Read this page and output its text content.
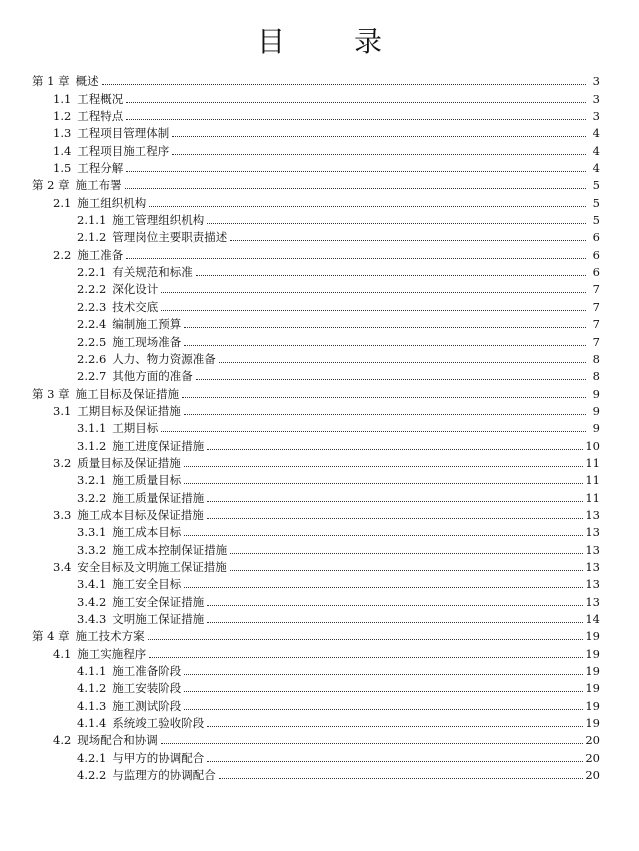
目 录
第 1 章 概述	3
1.1 工程概况	3
1.2 工程特点	3
1.3 工程项目管理体制	4
1.4 工程项目施工程序	4
1.5 工程分解	4
第 2 章 施工布署	5
2.1 施工组织机构	5
2.1.1 施工管理组织机构	5
2.1.2 管理岗位主要职责描述	6
2.2 施工准备	6
2.2.1 有关规范和标准	6
2.2.2 深化设计	7
2.2.3 技术交底	7
2.2.4 编制施工预算	7
2.2.5 施工现场准备	7
2.2.6 人力、物力资源准备	8
2.2.7 其他方面的准备	8
第 3 章 施工目标及保证措施	9
3.1 工期目标及保证措施	9
3.1.1 工期目标	9
3.1.2 施工进度保证措施	10
3.2 质量目标及保证措施	11
3.2.1 施工质量目标	11
3.2.2 施工质量保证措施	11
3.3 施工成本目标及保证措施	13
3.3.1 施工成本目标	13
3.3.2 施工成本控制保证措施	13
3.4 安全目标及文明施工保证措施	13
3.4.1 施工安全目标	13
3.4.2 施工安全保证措施	13
3.4.3 文明施工保证措施	14
第 4 章 施工技术方案	19
4.1 施工实施程序	19
4.1.1 施工准备阶段	19
4.1.2 施工安装阶段	19
4.1.3 施工测试阶段	19
4.1.4 系统竣工验收阶段	19
4.2 现场配合和协调	20
4.2.1 与甲方的协调配合	20
4.2.2 与监理方的协调配合	20
